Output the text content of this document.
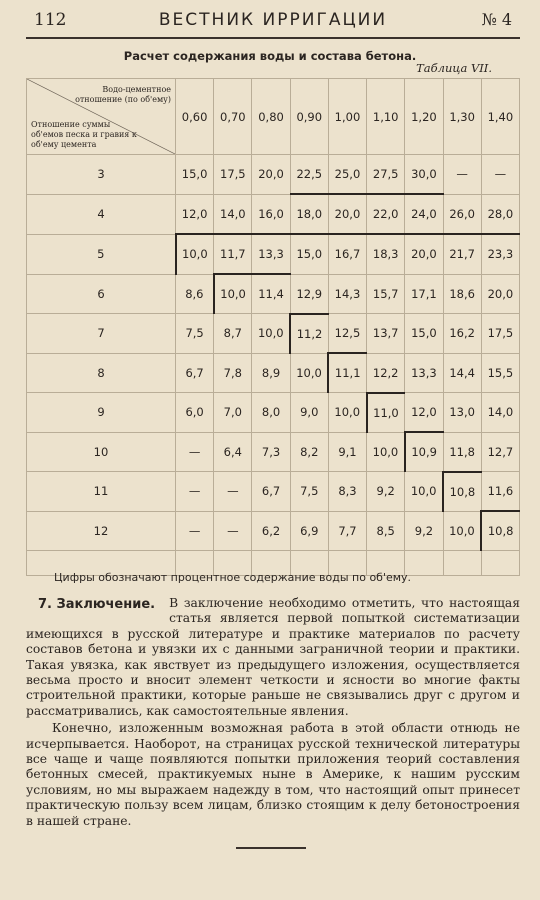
112	ВЕСТНИК ИРРИГАЦИИ	№ 4
Расчет содержания воды и состава бетона.
Таблица VII.
Водо-цементное отношение (по об'ему)
Отношение суммы об'емов песка и гравия к об'ему цемента	0,60	0,70	0,80	0,90	1,00	1,10	1,20	1,30	1,40
3	15,0	17,5	20,0	22,5	25,0	27,5	30,0	—	—
4	12,0	14,0	16,0	18,0	20,0	22,0	24,0	26,0	28,0
5	10,0	11,7	13,3	15,0	16,7	18,3	20,0	21,7	23,3
6	8,6	10,0	11,4	12,9	14,3	15,7	17,1	18,6	20,0
7	7,5	8,7	10,0	11,2	12,5	13,7	15,0	16,2	17,5
8	6,7	7,8	8,9	10,0	11,1	12,2	13,3	14,4	15,5
9	6,0	7,0	8,0	9,0	10,0	11,0	12,0	13,0	14,0
10	—	6,4	7,3	8,2	9,1	10,0	10,9	11,8	12,7
11	—	—	6,7	7,5	8,3	9,2	10,0	10,8	11,6
12	—	—	6,2	6,9	7,7	8,5	9,2	10,0	10,8

Цифры обозначают процентное содержание воды по об'ему.

7. Заключение. В заключение необходимо отметить, что настоящая статья является первой попыткой систематизации имеющихся в русской литературе и практике материалов по расчету составов бетона и увязки их с данными заграничной теории и практики. Такая увязка, как явствует из предыдущего изложения, осуществляется весьма просто и вносит элемент четкости и ясности во многие факты строительной практики, которые раньше не связывались друг с другом и рассматривались, как самостоятельные явления.

Конечно, изложенным возможная работа в этой области отнюдь не исчерпывается. Наоборот, на страницах русской технической литературы все чаще и чаще появляются попытки приложения теорий составления бетонных смесей, практикуемых ныне в Америке, к нашим русским условиям, но мы выражаем надежду в том, что настоящий опыт принесет практическую пользу всем лицам, близко стоящим к делу бетоностроения в нашей стране.
